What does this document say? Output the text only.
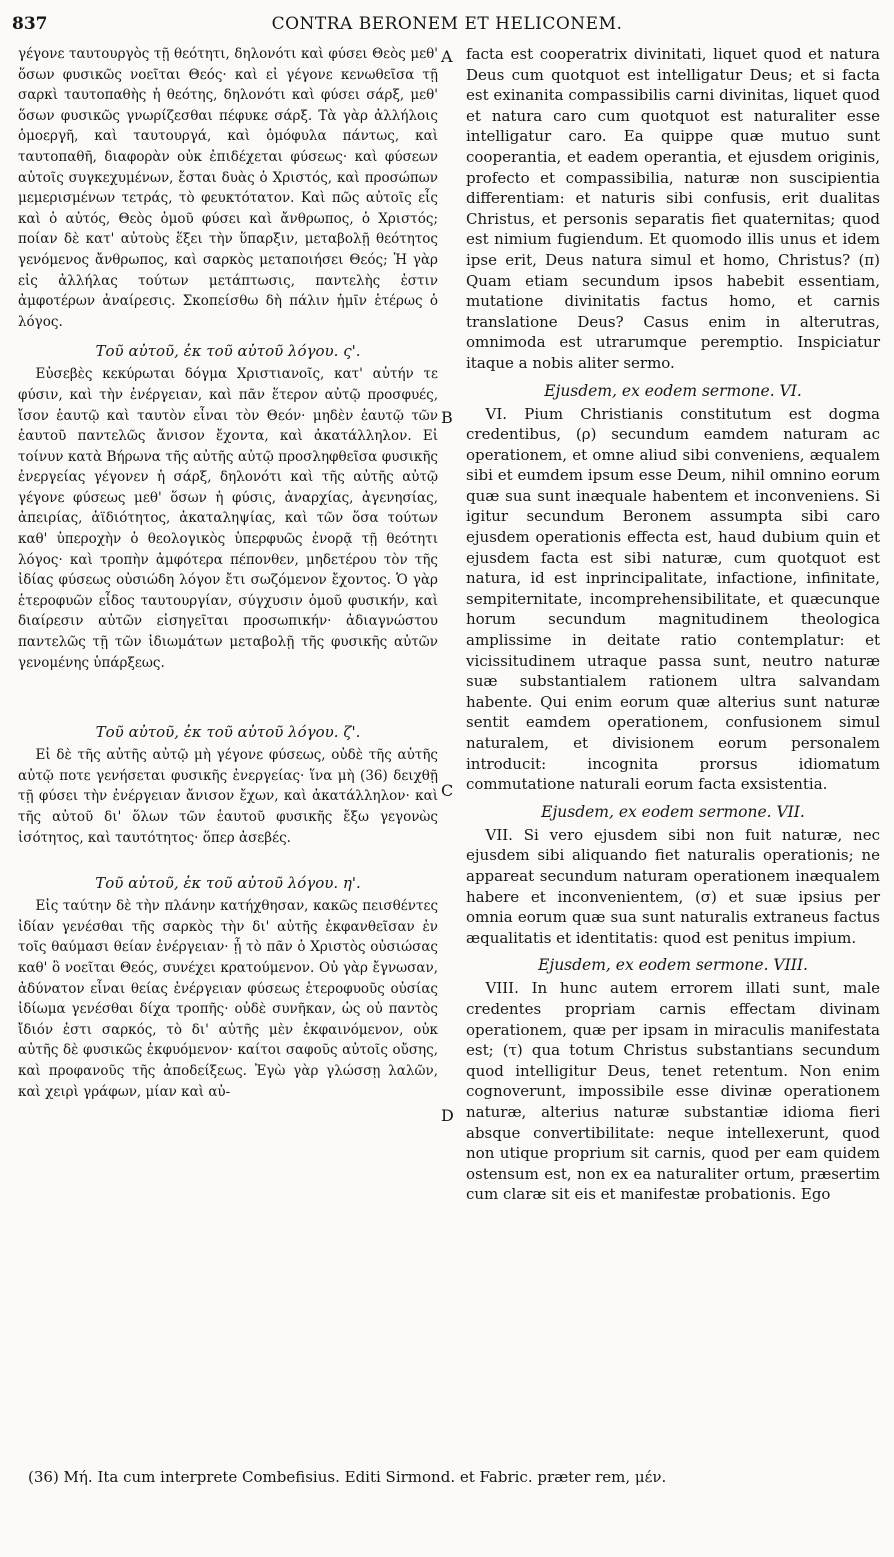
837	CONTRA BERONEM ET HELICONEM.
A
B
C
D

γέγονε ταυτουργὸς τῇ θεότητι, δηλονότι καὶ φύσει Θεὸς μεθ' ὅσων φυσικῶς νοεῖται Θεός· καὶ εἰ γέγονε κενωθεῖσα τῇ σαρκὶ ταυτοπαθὴς ἡ θεότης, δηλονότι καὶ φύσει σάρξ, μεθ' ὅσων φυσικῶς γνωρίζεσθαι πέφυκε σάρξ. Τὰ γὰρ ἀλλήλοις ὁμοεργῆ, καὶ ταυτουργά, καὶ ὁμόφυλα πάντως, καὶ ταυτοπαθῆ, διαφορὰν οὐκ ἐπιδέχεται φύσεως· καὶ φύσεων αὐτοῖς συγκεχυμένων, ἔσται δυὰς ὁ Χριστός, καὶ προσώπων μεμερισμένων τετράς, τὸ φευκτότατον. Καὶ πῶς αὐτοῖς εἷς καὶ ὁ αὐτός, Θεὸς ὁμοῦ φύσει καὶ ἄνθρωπος, ὁ Χριστός; ποίαν δὲ κατ' αὐτοὺς ἕξει τὴν ὕπαρξιν, μεταβολῇ θεότητος γενόμενος ἄνθρωπος, καὶ σαρκὸς μεταποιήσει Θεός; Ἡ γὰρ εἰς ἀλλήλας τούτων μετάπτωσις, παντελὴς ἐστιν ἀμφοτέρων ἀναίρεσις. Σκοπείσθω δὴ πάλιν ἡμῖν ἑτέρως ὁ λόγος.

Τοῦ αὐτοῦ, ἐκ τοῦ αὐτοῦ λόγου. ς'.

Εὐσεβὲς κεκύρωται δόγμα Χριστιανοῖς, κατ' αὐτήν τε φύσιν, καὶ τὴν ἐνέργειαν, καὶ πᾶν ἕτερον αὐτῷ προσφυές, ἴσον ἑαυτῷ καὶ ταυτὸν εἶναι τὸν Θεόν· μηδὲν ἑαυτῷ τῶν ἑαυτοῦ παντελῶς ἄνισον ἔχοντα, καὶ ἀκατάλληλον. Εἰ τοίνυν κατὰ Βήρωνα τῆς αὐτῆς αὐτῷ προσληφθεῖσα φυσικῆς ἐνεργείας γέγονεν ἡ σάρξ, δηλονότι καὶ τῆς αὐτῆς αὐτῷ γέγονε φύσεως μεθ' ὅσων ἡ φύσις, ἀναρχίας, ἀγενησίας, ἀπειρίας, ἀϊδιότητος, ἀκαταληψίας, καὶ τῶν ὅσα τούτων καθ' ὑπεροχὴν ὁ θεολογικὸς ὑπερφυῶς ἐνορᾷ τῇ θεότητι λόγος· καὶ τροπὴν ἀμφότερα πέπονθεν, μηδετέρου τὸν τῆς ἰδίας φύσεως οὐσιώδη λόγον ἔτι σωζόμενον ἔχοντος. Ὁ γὰρ ἑτεροφυῶν εἶδος ταυτουργίαν, σύγχυσιν ὁμοῦ φυσικήν, καὶ διαίρεσιν αὐτῶν εἰσηγεῖται προσωπικήν· ἀδιαγνώστου παντελῶς τῇ τῶν ἰδιωμάτων μεταβολῇ τῆς φυσικῆς αὐτῶν γενομένης ὑπάρξεως.

Τοῦ αὐτοῦ, ἐκ τοῦ αὐτοῦ λόγου. ζ'.

Εἰ δὲ τῆς αὐτῆς αὐτῷ μὴ γέγονε φύσεως, οὐδὲ τῆς αὐτῆς αὐτῷ ποτε γενήσεται φυσικῆς ἐνεργείας· ἵνα μὴ (36) δειχθῇ τῇ φύσει τὴν ἐνέργειαν ἄνισον ἔχων, καὶ ἀκατάλληλον· καὶ τῆς αὐτοῦ δι' ὅλων τῶν ἑαυτοῦ φυσικῆς ἔξω γεγονὼς ἰσότητος, καὶ ταυτότητος· ὅπερ ἀσεβές.

Τοῦ αὐτοῦ, ἐκ τοῦ αὐτοῦ λόγου. η'.

Εἰς ταύτην δὲ τὴν πλάνην κατήχθησαν, κακῶς πεισθέντες ἰδίαν γενέσθαι τῆς σαρκὸς τὴν δι' αὐτῆς ἐκφανθεῖσαν ἐν τοῖς θαύμασι θείαν ἐνέργειαν· ᾗ τὸ πᾶν ὁ Χριστὸς οὐσιώσας καθ' ὃ νοεῖται Θεός, συνέχει κρατούμενον. Οὐ γὰρ ἔγνωσαν, ἀδύνατον εἶναι θείας ἐνέργειαν φύσεως ἑτεροφυοῦς οὐσίας ἰδίωμα γενέσθαι δίχα τροπῆς· οὐδὲ συνῆκαν, ὡς οὐ παντὸς ἴδιόν ἐστι σαρκός, τὸ δι' αὐτῆς μὲν ἐκφαινόμενον, οὐκ αὐτῆς δὲ φυσικῶς ἐκφυόμενον· καίτοι σαφοῦς αὐτοῖς οὔσης, καὶ προφανοῦς τῆς ἀποδείξεως. Ἐγὼ γὰρ γλώσσῃ λαλῶν, καὶ χειρὶ γράφων, μίαν καὶ αὐ-

facta est cooperatrix divinitati, liquet quod et natura Deus cum quotquot est intelligatur Deus; et si facta est exinanita compassibilis carni divinitas, liquet quod et natura caro cum quotquot est naturaliter esse intelligatur caro. Ea quippe quæ mutuo sunt cooperantia, et eadem operantia, et ejusdem originis, profecto et compassibilia, naturæ non suscipientia differentiam: et naturis sibi confusis, erit dualitas Christus, et personis separatis fiet quaternitas; quod est nimium fugiendum. Et quomodo illis unus et idem ipse erit, Deus natura simul et homo, Christus? (π) Quam etiam secundum ipsos habebit essentiam, mutatione divinitatis factus homo, et carnis translatione Deus? Casus enim in alterutras, omnimoda est utrarumque peremptio. Inspiciatur itaque a nobis aliter sermo.

Ejusdem, ex eodem sermone. VI.

VI. Pium Christianis constitutum est dogma credentibus, (ρ) secundum eamdem naturam ac operationem, et omne aliud sibi conveniens, æqualem sibi et eumdem ipsum esse Deum, nihil omnino eorum quæ sua sunt inæquale habentem et inconveniens. Si igitur secundum Beronem assumpta sibi caro ejusdem operationis effecta est, haud dubium quin et ejusdem facta est sibi naturæ, cum quotquot est natura, id est inprincipalitate, infactione, infinitate, sempiternitate, incomprehensibilitate, et quæcunque horum secundum magnitudinem theologica amplissime in deitate ratio contemplatur: et vicissitudinem utraque passa sunt, neutro naturæ suæ substantialem rationem ultra salvandam habente. Qui enim eorum quæ alterius sunt naturæ sentit eamdem operationem, confusionem simul naturalem, et divisionem eorum personalem introducit: incognita prorsus idiomatum commutatione naturali eorum facta exsistentia.

Ejusdem, ex eodem sermone. VII.

VII. Si vero ejusdem sibi non fuit naturæ, nec ejusdem sibi aliquando fiet naturalis operationis; ne appareat secundum naturam operationem inæqualem habere et inconvenientem, (σ) et suæ ipsius per omnia eorum quæ sua sunt naturalis extraneus factus æqualitatis et identitatis: quod est penitus impium.

Ejusdem, ex eodem sermone. VIII.

VIII. In hunc autem errorem illati sunt, male credentes propriam carnis effectam divinam operationem, quæ per ipsam in miraculis manifestata est; (τ) qua totum Christus substantians secundum quod intelligitur Deus, tenet retentum. Non enim cognoverunt, impossibile esse divinæ operationem naturæ, alterius naturæ substantiæ idioma fieri absque convertibilitate: neque intellexerunt, quod non utique proprium sit carnis, quod per eam quidem ostensum est, non ex ea naturaliter ortum, præsertim cum claræ sit eis et manifestæ probationis. Ego

(36) Μή. Ita cum interprete Combefisius. Editi Sirmond. et Fabric. præter rem, μέν.
